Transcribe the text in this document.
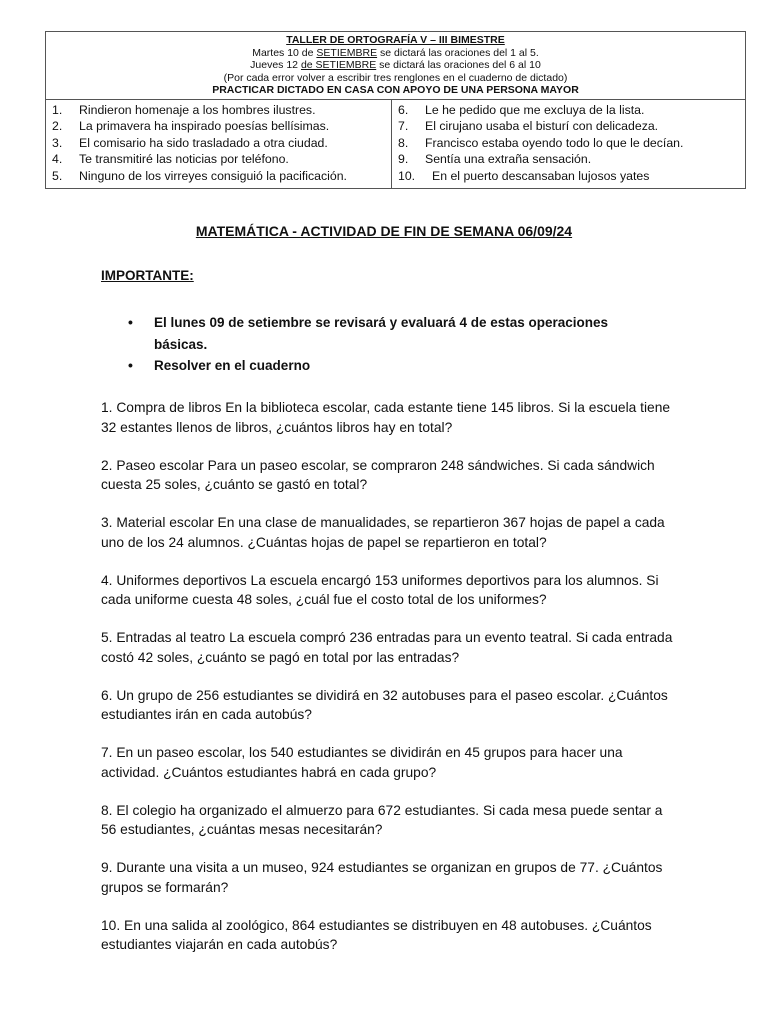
TALLER DE ORTOGRAFÍA V – III BIMESTRE
Martes 10 de SETIEMBRE se dictará las oraciones del 1 al 5.
Jueves 12 de SETIEMBRE se dictará las oraciones del 6 al 10
(Por cada error volver a escribir tres renglones en el cuaderno de dictado)
PRACTICAR DICTADO EN CASA CON APOYO DE UNA PERSONA MAYOR
1.	Rindieron homenaje a los hombres ilustres.
2.	La primavera ha inspirado poesías bellísimas.
3.	El comisario ha sido trasladado a otra ciudad.
4.	Te transmitiré las noticias por teléfono.
5.	Ninguno de los virreyes consiguió la pacificación.
6.	Le he pedido que me excluya de la lista.
7.	El cirujano usaba el bisturí con delicadeza.
8.	Francisco estaba oyendo todo lo que le decían.
9.	Sentía una extraña sensación.
10.	En el puerto descansaban lujosos yates
MATEMÁTICA - ACTIVIDAD DE FIN DE SEMANA 06/09/24
IMPORTANTE:
•	El lunes 09 de setiembre se revisará y evaluará 4 de estas operaciones básicas.
•	Resolver en el cuaderno

1. Compra de libros En la biblioteca escolar, cada estante tiene 145 libros. Si la escuela tiene 32 estantes llenos de libros, ¿cuántos libros hay en total?

2. Paseo escolar Para un paseo escolar, se compraron 248 sándwiches. Si cada sándwich cuesta 25 soles, ¿cuánto se gastó en total?

3. Material escolar En una clase de manualidades, se repartieron 367 hojas de papel a cada uno de los 24 alumnos. ¿Cuántas hojas de papel se repartieron en total?

4. Uniformes deportivos La escuela encargó 153 uniformes deportivos para los alumnos. Si cada uniforme cuesta 48 soles, ¿cuál fue el costo total de los uniformes?

5. Entradas al teatro La escuela compró 236 entradas para un evento teatral. Si cada entrada costó 42 soles, ¿cuánto se pagó en total por las entradas?

6. Un grupo de 256 estudiantes se dividirá en 32 autobuses para el paseo escolar. ¿Cuántos estudiantes irán en cada autobús?

7. En un paseo escolar, los 540 estudiantes se dividirán en 45 grupos para hacer una actividad. ¿Cuántos estudiantes habrá en cada grupo?

8. El colegio ha organizado el almuerzo para 672 estudiantes. Si cada mesa puede sentar a 56 estudiantes, ¿cuántas mesas necesitarán?

9. Durante una visita a un museo, 924 estudiantes se organizan en grupos de 77. ¿Cuántos grupos se formarán?

10. En una salida al zoológico, 864 estudiantes se distribuyen en 48 autobuses. ¿Cuántos estudiantes viajarán en cada autobús?
